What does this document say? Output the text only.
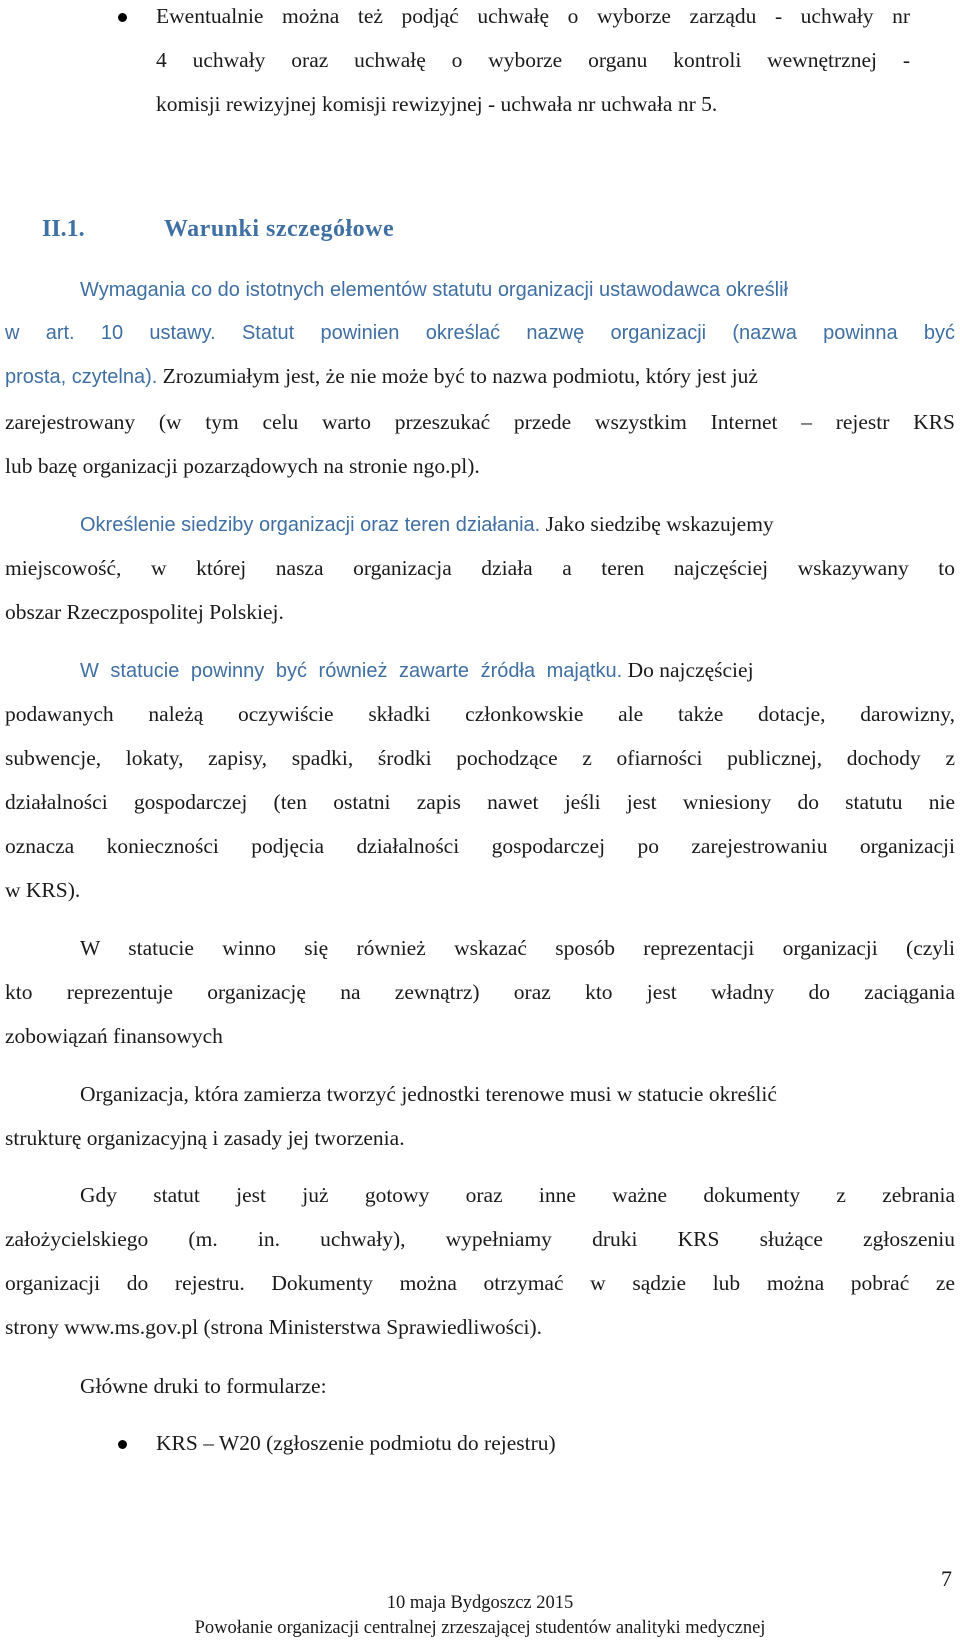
Ewentualnie można też podjąć uchwałę o wyborze zarządu - uchwały nr
4 uchwały oraz uchwałę o wyborze organu kontroli wewnętrznej -
komisji rewizyjnej komisji rewizyjnej - uchwała nr uchwała nr 5.
II.1.	Warunki szczegółowe
Wymagania co do istotnych elementów statutu organizacji ustawodawca określił
w art. 10 ustawy. Statut powinien określać nazwę organizacji (nazwa powinna być
prosta, czytelna). Zrozumiałym jest, że nie może być to nazwa podmiotu, który jest już
zarejestrowany (w tym celu warto przeszukać przede wszystkim Internet – rejestr KRS
lub bazę organizacji pozarządowych na stronie ngo.pl).
Określenie siedziby organizacji oraz teren działania. Jako siedzibę wskazujemy
miejscowość, w której nasza organizacja działa a teren najczęściej wskazywany to
obszar Rzeczpospolitej Polskiej.
W statucie powinny być również zawarte źródła majątku. Do najczęściej
podawanych należą oczywiście składki członkowskie ale także dotacje, darowizny,
subwencje, lokaty, zapisy, spadki, środki pochodzące z ofiarności publicznej, dochody z
działalności gospodarczej (ten ostatni zapis nawet jeśli jest wniesiony do statutu nie
oznacza konieczności podjęcia działalności gospodarczej po zarejestrowaniu organizacji
w KRS).
W statucie winno się również wskazać sposób reprezentacji organizacji (czyli
kto reprezentuje organizację na zewnątrz) oraz kto jest władny do zaciągania
zobowiązań finansowych
Organizacja, która zamierza tworzyć jednostki terenowe musi w statucie określić
strukturę organizacyjną i zasady jej tworzenia.
Gdy statut jest już gotowy oraz inne ważne dokumenty z zebrania
założycielskiego (m. in. uchwały), wypełniamy druki KRS służące zgłoszeniu
organizacji do rejestru. Dokumenty można otrzymać w sądzie lub można pobrać ze
strony www.ms.gov.pl (strona Ministerstwa Sprawiedliwości).
Główne druki to formularze:
KRS – W20 (zgłoszenie podmiotu do rejestru)
7
10 maja Bydgoszcz 2015
Powołanie organizacji centralnej zrzeszającej studentów analityki medycznej
